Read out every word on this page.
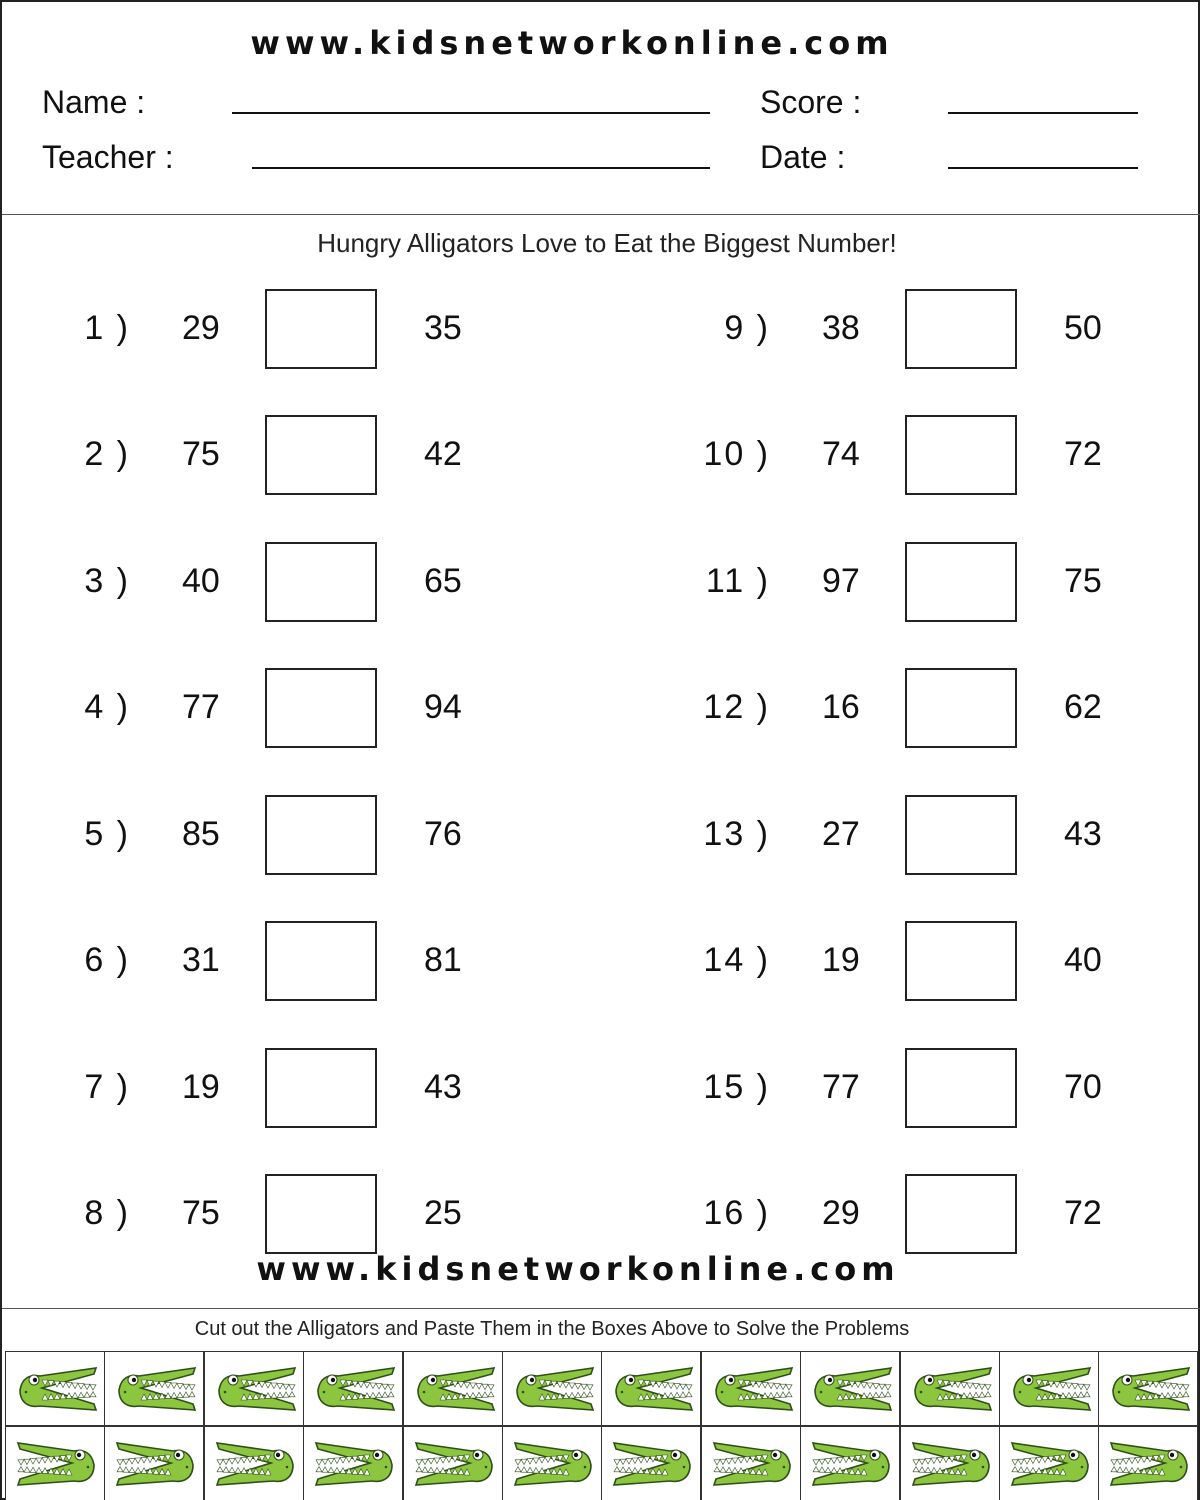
www.kidsnetworkonline.com
Name :	Score :
Teacher :	Date :
Hungry Alligators Love to Eat the Biggest Number!
1 ) 29	35
2 ) 75	42
3 ) 40	65
4 ) 77	94
5 ) 85	76
6 ) 31	81
7 ) 19	43
8 ) 75	25
9 ) 38	50
10 ) 74	72
11 ) 97	75
12 ) 16	62
13 ) 27	43
14 ) 19	40
15 ) 77	70
16 ) 29	72
www.kidsnetworkonline.com
Cut out the Alligators and Paste Them in the Boxes Above to Solve the Problems
